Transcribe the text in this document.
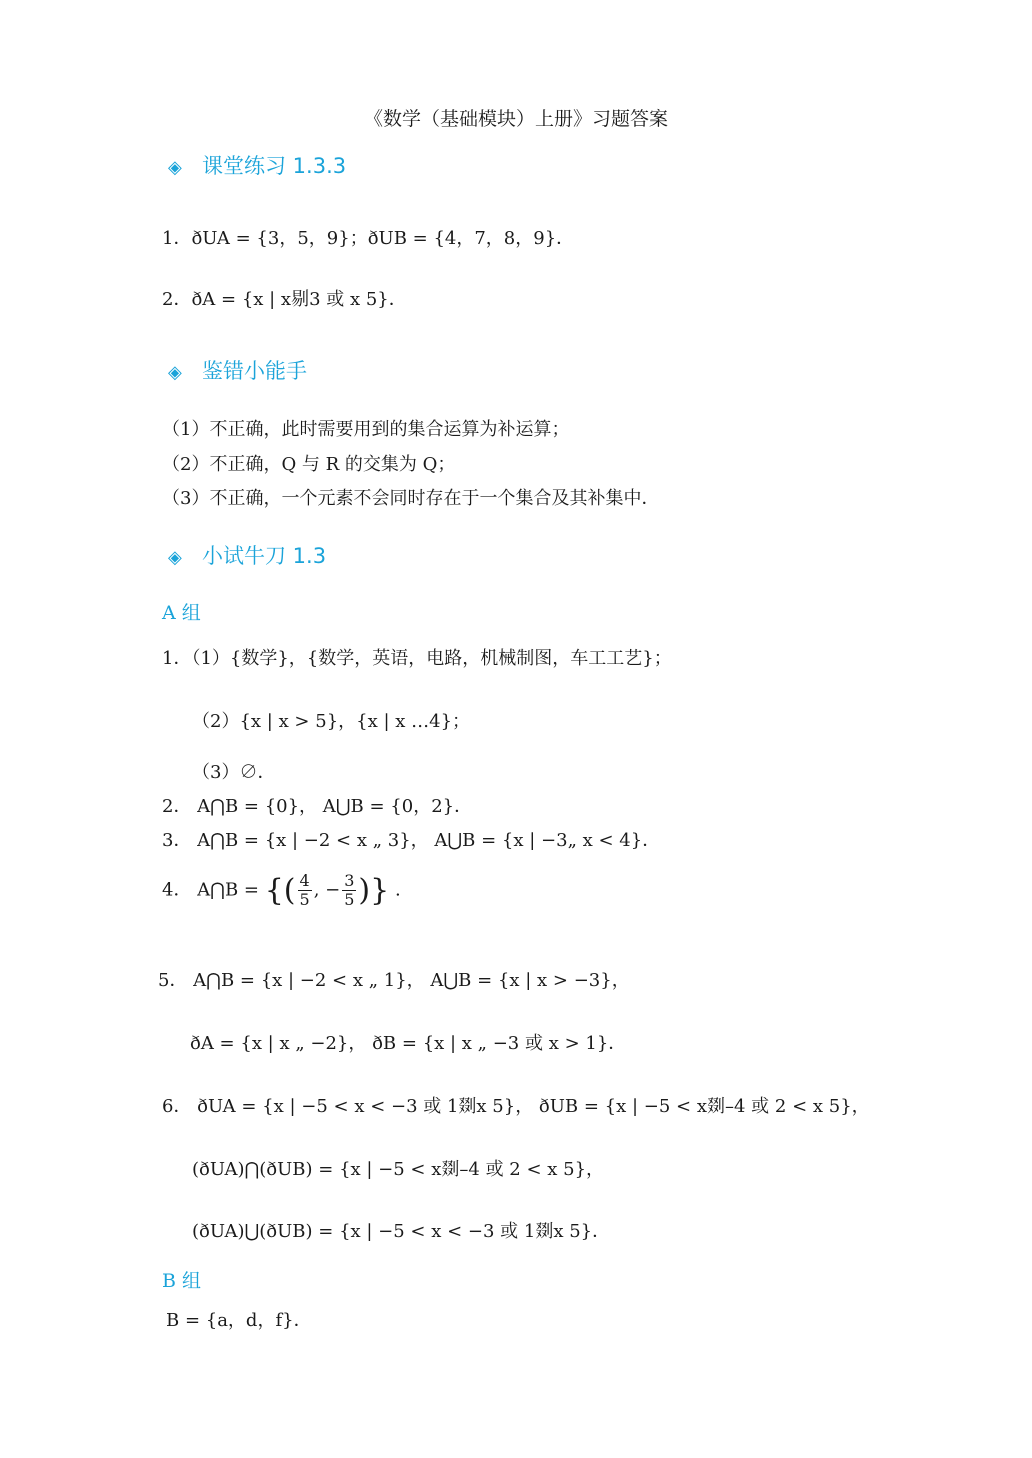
《数学（基础模块）上册》习题答案
◈ 课堂练习 1.3.3
1．ðUA = {3，5，9}；ðUB = {4，7，8，9}．
2．ðA = {x | x剔3 或 x 5}．
◈ 鉴错小能手
（1）不正确，此时需要用到的集合运算为补运算；
（2）不正确，Q 与 R 的交集为 Q；
（3）不正确，一个元素不会同时存在于一个集合及其补集中．
◈ 小试牛刀 1.3
A 组
1．（1）{数学}，{数学，英语，电路，机械制图，车工工艺}；
（2）{x | x > 5}，{x | x …4}；
（3）∅．
2． A⋂B = {0}， A⋃B = {0，2}．
3． A⋂B = {x | −2 < x „ 3}， A⋃B = {x | −3„ x < 4}．
4． A⋂B = {( $\frac{4}{5}$ , − $\frac{3}{5}$ )} .
5． A⋂B = {x | −2 < x „ 1}， A⋃B = {x | x > −3}，
ðA = {x | x „ −2}， ðB = {x | x „ −3 或 x > 1}．
6． ðUA = {x | −5 < x < −3 或 1剟x 5}， ðUB = {x | −5 < x剟–4 或 2 < x 5}，
(ðUA)⋂(ðUB) = {x | −5 < x剟–4 或 2 < x 5}，
(ðUA)⋃(ðUB) = {x | −5 < x < −3 或 1剟x 5}．
B 组
B = {a，d，f}．
